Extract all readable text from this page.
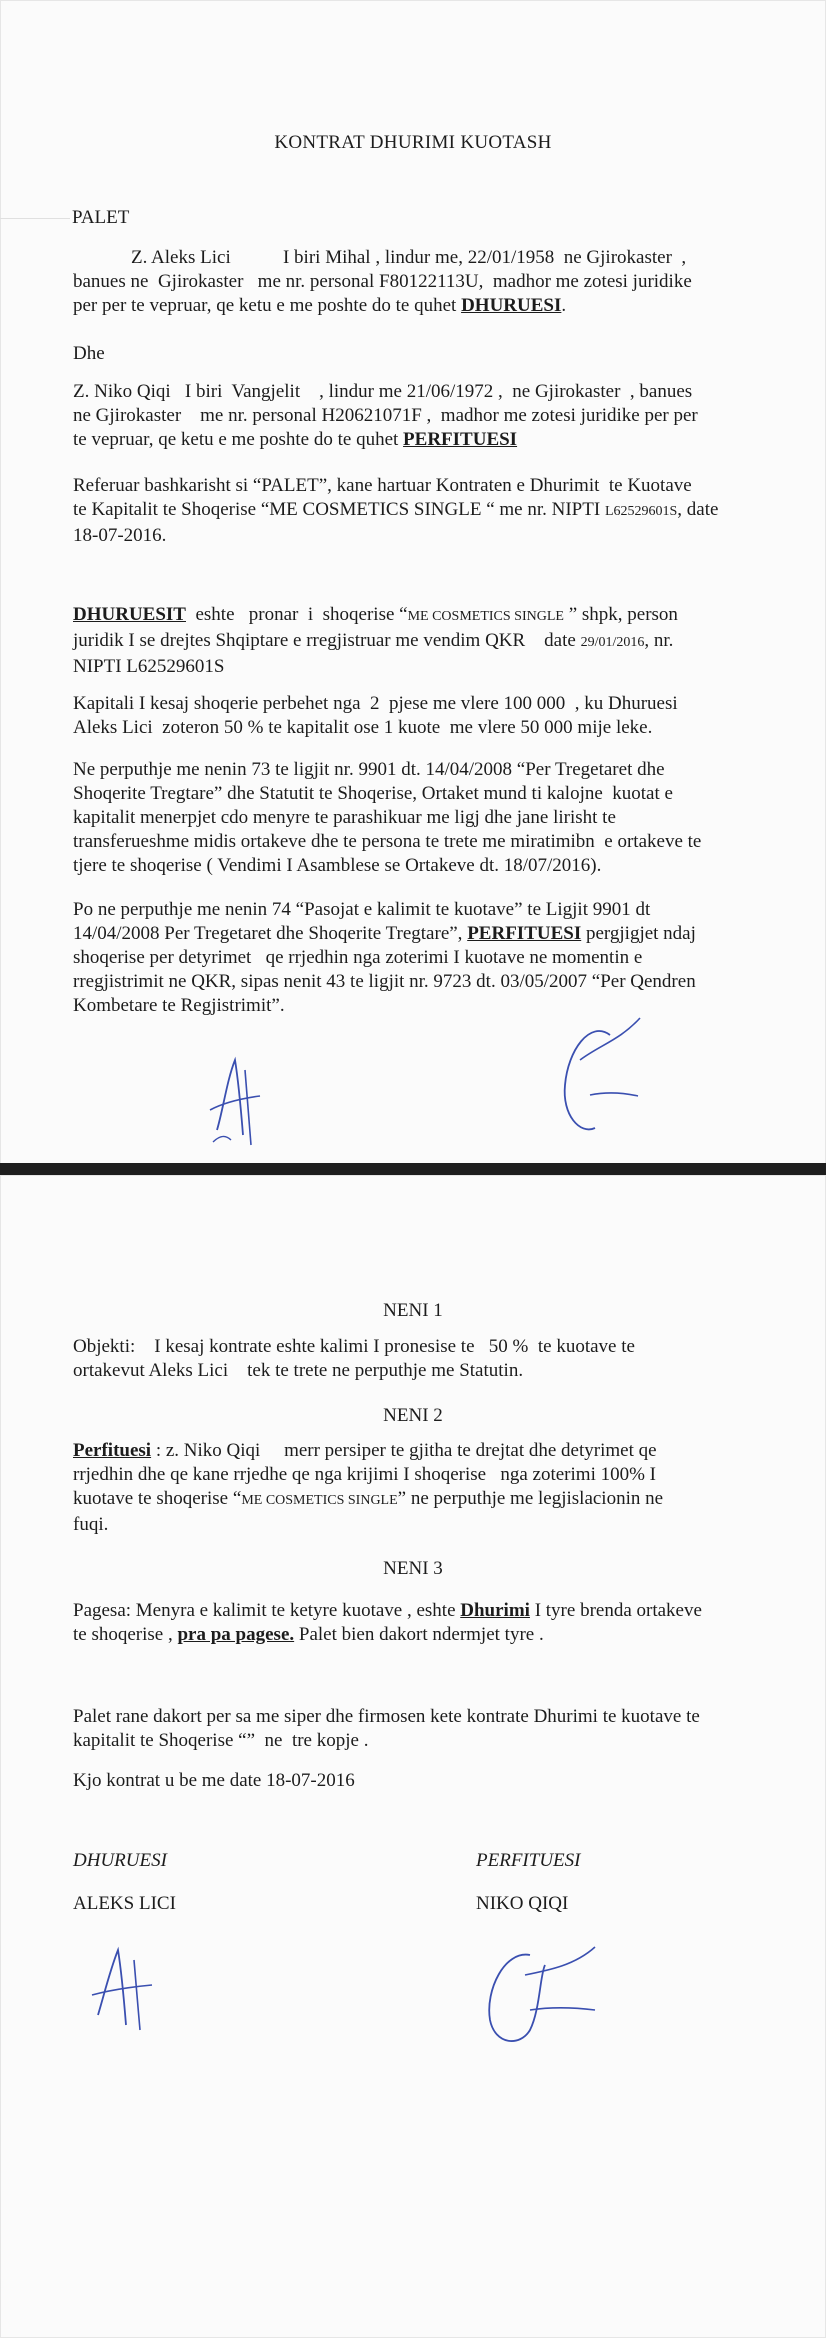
KONTRAT DHURIMI KUOTASH

PALET

Z. Aleks Lici	I biri Mihal , lindur me, 22/01/1958  ne Gjirokaster  ,

banues ne  Gjirokaster   me nr. personal F80122113U,  madhor me zotesi juridike

per per te vepruar, qe ketu e me poshte do te quhet DHURUESI.

Dhe

Z. Niko Qiqi   I biri  Vangjelit    , lindur me 21/06/1972 ,  ne Gjirokaster  , banues

ne Gjirokaster    me nr. personal H20621071F ,  madhor me zotesi juridike per per

te vepruar, qe ketu e me poshte do te quhet PERFITUESI

Referuar bashkarisht si “PALET”, kane hartuar Kontraten e Dhurimit  te Kuotave

te Kapitalit te Shoqerise “ME COSMETICS SINGLE “ me nr. NIPTI L62529601S, date

18-07-2016.

DHURUESIT  eshte   pronar  i  shoqerise “ME COSMETICS SINGLE ” shpk, person

juridik I se drejtes Shqiptare e rregjistruar me vendim QKR    date 29/01/2016, nr.

NIPTI L62529601S

Kapitali I kesaj shoqerie perbehet nga  2  pjese me vlere 100 000  , ku Dhuruesi

Aleks Lici  zoteron 50 % te kapitalit ose 1 kuote  me vlere 50 000 mije leke.

Ne perputhje me nenin 73 te ligjit nr. 9901 dt. 14/04/2008 “Per Tregetaret dhe

Shoqerite Tregtare” dhe Statutit te Shoqerise, Ortaket mund ti kalojne  kuotat e

kapitalit menerpjet cdo menyre te parashikuar me ligj dhe jane lirisht te

transferueshme midis ortakeve dhe te persona te trete me miratimibn  e ortakeve te

tjere te shoqerise ( Vendimi I Asamblese se Ortakeve dt. 18/07/2016).

Po ne perputhje me nenin 74 “Pasojat e kalimit te kuotave” te Ligjit 9901 dt

14/04/2008 Per Tregetaret dhe Shoqerite Tregtare”, PERFITUESI pergjigjet ndaj

shoqerise per detyrimet   qe rrjedhin nga zoterimi I kuotave ne momentin e

rregjistrimit ne QKR, sipas nenit 43 te ligjit nr. 9723 dt. 03/05/2007 “Per Qendren

Kombetare te Regjistrimit”.

NENI 1

Objekti:    I kesaj kontrate eshte kalimi I pronesise te   50 %  te kuotave te

ortakevut Aleks Lici    tek te trete ne perputhje me Statutin.

NENI 2

Perfituesi : z. Niko Qiqi     merr persiper te gjitha te drejtat dhe detyrimet qe

rrjedhin dhe qe kane rrjedhe qe nga krijimi I shoqerise   nga zoterimi 100% I

kuotave te shoqerise “ME COSMETICS SINGLE” ne perputhje me legjislacionin ne

fuqi.

NENI 3

Pagesa: Menyra e kalimit te ketyre kuotave , eshte Dhurimi I tyre brenda ortakeve

te shoqerise , pra pa pagese. Palet bien dakort ndermjet tyre .

Palet rane dakort per sa me siper dhe firmosen kete kontrate Dhurimi te kuotave te

kapitalit te Shoqerise “”  ne  tre kopje .

Kjo kontrat u be me date 18-07-2016

DHURUESI

ALEKS LICI

PERFITUESI

NIKO QIQI
